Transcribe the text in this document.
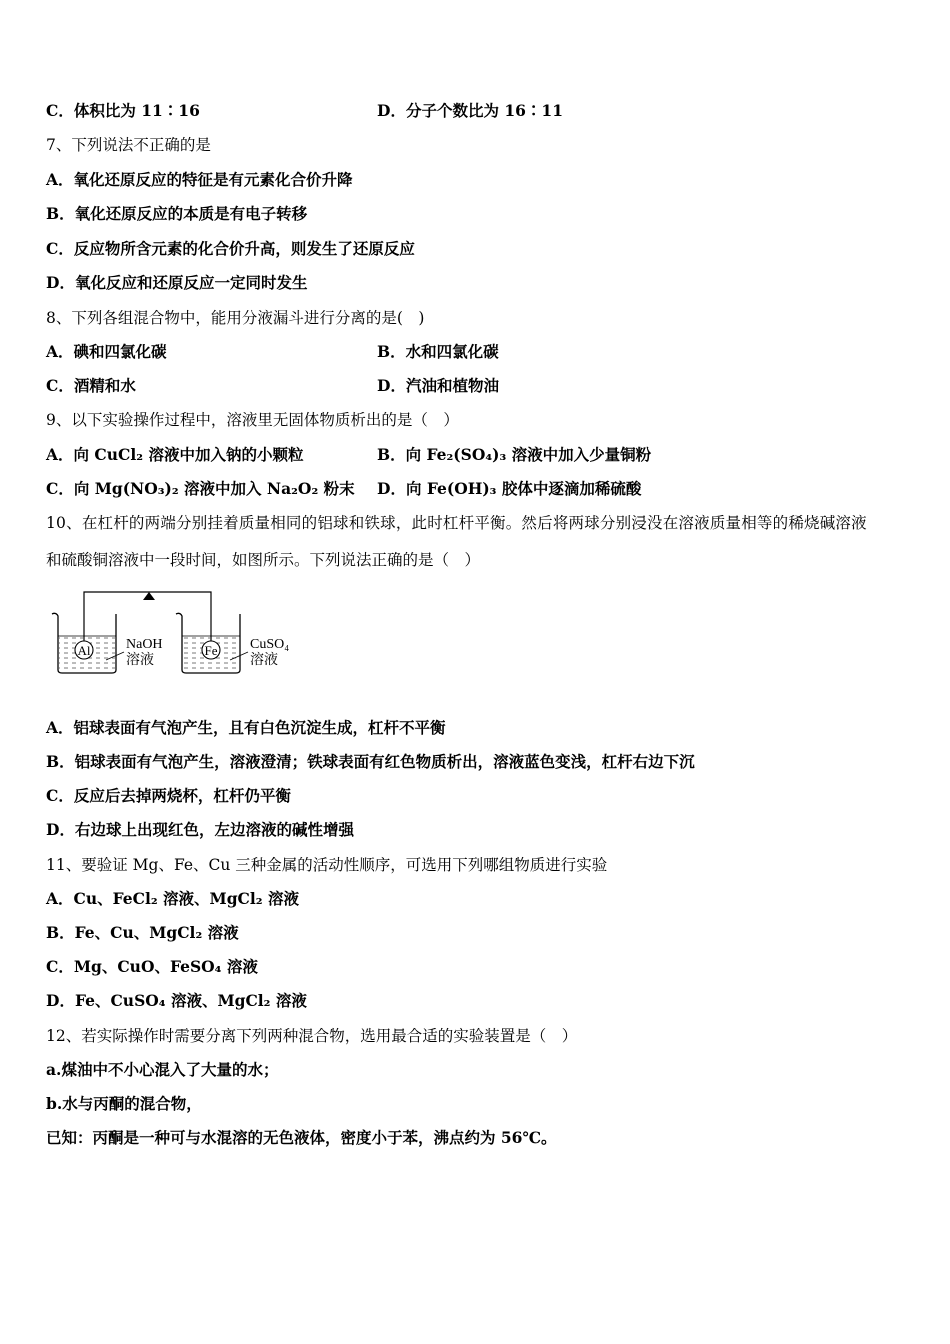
C．体积比为 11∶16	D．分子个数比为 16∶11
7、下列说法不正确的是
A．氧化还原反应的特征是有元素化合价升降
B．氧化还原反应的本质是有电子转移
C．反应物所含元素的化合价升高，则发生了还原反应
D．氧化反应和还原反应一定同时发生
8、下列各组混合物中，能用分液漏斗进行分离的是(　)
A．碘和四氯化碳	B．水和四氯化碳
C．酒精和水	D．汽油和植物油
9、以下实验操作过程中，溶液里无固体物质析出的是（　）
A．向 CuCl₂ 溶液中加入钠的小颗粒	B．向 Fe₂(SO₄)₃ 溶液中加入少量铜粉
C．向 Mg(NO₃)₂ 溶液中加入 Na₂O₂ 粉末 D．向 Fe(OH)₃ 胶体中逐滴加稀硫酸
10、在杠杆的两端分别挂着质量相同的铝球和铁球，此时杠杆平衡。然后将两球分别浸没在溶液质量相等的稀烧碱溶液
和硫酸铜溶液中一段时间，如图所示。下列说法正确的是（　）
Al	NaOH
溶液
Fe CuSO₄
溶液
A．铝球表面有气泡产生，且有白色沉淀生成，杠杆不平衡
B．铝球表面有气泡产生，溶液澄清；铁球表面有红色物质析出，溶液蓝色变浅，杠杆右边下沉
C．反应后去掉两烧杯，杠杆仍平衡
D．右边球上出现红色，左边溶液的碱性增强
11、要验证 Mg、Fe、Cu 三种金属的活动性顺序，可选用下列哪组物质进行实验
A．Cu、FeCl₂ 溶液、MgCl₂ 溶液
B．Fe、Cu、MgCl₂ 溶液
C．Mg、CuO、FeSO₄ 溶液
D．Fe、CuSO₄ 溶液、MgCl₂ 溶液
12、若实际操作时需要分离下列两种混合物，选用最合适的实验装置是（　）
a.煤油中不小心混入了大量的水；
b.水与丙酮的混合物，
已知：丙酮是一种可与水混溶的无色液体，密度小于苯，沸点约为 56℃。
